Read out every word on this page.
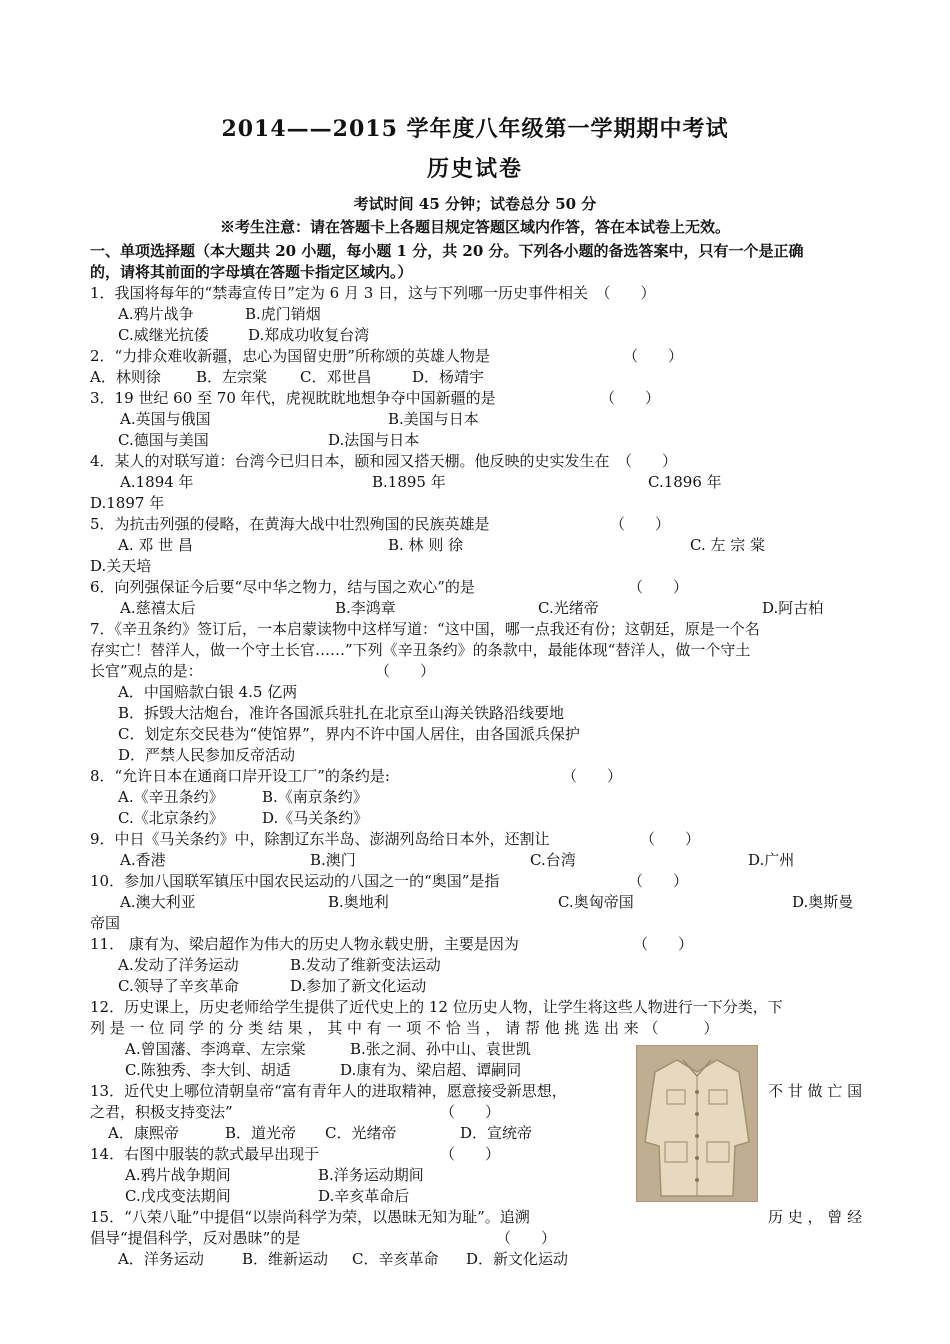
2014——2015 学年度八年级第一学期期中考试
历史试卷
考试时间 45 分钟；试卷总分 50 分
※考生注意：请在答题卡上各题目规定答题区域内作答，答在本试卷上无效。
一、单项选择题（本大题共 20 小题，每小题 1 分，共 20 分。下列各小题的备选答案中，只有一个是正确
的，请将其前面的字母填在答题卡指定区域内。）
1．我国将每年的“禁毒宣传日”定为 6 月 3 日，这与下列哪一历史事件相关　（　　）
A.鸦片战争	B.虎门销烟
C.威继光抗倭	D.郑成功收复台湾
2．“力排众难收新疆，忠心为国留史册”所称颂的英雄人物是	（　　）
A．林则徐 B．左宗棠 C．邓世昌	D．杨靖宇
3．19 世纪 60 至 70 年代，虎视眈眈地想争夺中国新疆的是	（　　）
A.英国与俄国	B.美国与日本
C.德国与美国	D.法国与日本
4．某人的对联写道：台湾今已归日本，颐和园又搭天棚。他反映的史实发生在　（　　）
A.1894 年	B.1895 年	C.1896 年
D.1897 年
5．为抗击列强的侵略，在黄海大战中壮烈殉国的民族英雄是	（　　）
A. 邓 世 昌	B. 林 则 徐	C. 左 宗 棠
D.关天培
6．向列强保证今后要“尽中华之物力，结与国之欢心”的是	（　　）
A.慈禧太后	B.李鸿章	C.光绪帝	D.阿古柏
7．《辛丑条约》签订后，一本启蒙读物中这样写道：“这中国，哪一点我还有份；这朝廷，原是一个名
存实亡！替洋人，做一个守土长官……”下列《辛丑条约》的条款中，最能体现“替洋人，做一个守土
长官”观点的是：	（　　）
A．中国赔款白银 4.5 亿两
B．拆毁大沽炮台，准许各国派兵驻扎在北京至山海关铁路沿线要地
C．划定东交民巷为“使馆界”，界内不许中国人居住，由各国派兵保护
D．严禁人民参加反帝活动
8．“允许日本在通商口岸开设工厂”的条约是:	（　　）
A.《辛丑条约》	B.《南京条约》
C.《北京条约》	D.《马关条约》
9．中日《马关条约》中，除割辽东半岛、澎湖列岛给日本外，还割让	（　　）
A.香港	B.澳门	C.台湾	D.广州
10．参加八国联军镇压中国农民运动的八国之一的“奥国”是指	（　　）
A.澳大利亚	B.奥地利	C.奥匈帝国	D.奥斯曼
帝国
11． 康有为、梁启超作为伟大的历史人物永载史册，主要是因为	（　　）
A.发动了洋务运动	B.发动了维新变法运动
C.领导了辛亥革命	D.参加了新文化运动
12．历史课上，历史老师给学生提供了近代史上的 12 位历史人物，让学生将这些人物进行一下分类，下
列 是 一 位 同 学 的 分 类 结 果 ， 其 中 有 一 项 不 恰 当 ， 请 帮 他 挑 选 出 来 （　　　）
A.曾国藩、李鸿章、左宗棠	B.张之洞、孙中山、袁世凯
C.陈独秀、李大钊、胡适	D.康有为、梁启超、谭嗣同
13．近代史上哪位清朝皇帝“富有青年人的进取精神，愿意接受新思想，	不 甘 做 亡 国
之君，积极支持变法”	（　　）
A．康熙帝	B．道光帝 C．光绪帝	D．宣统帝
14．右图中服装的款式最早出现于	（　　）
A.鸦片战争期间	B.洋务运动期间
C.戊戌变法期间	D.辛亥革命后
15．“八荣八耻”中提倡“以崇尚科学为荣，以愚昧无知为耻”。追溯	历 史 ， 曾 经
倡导“提倡科学，反对愚昧”的是	（　　）
A．洋务运动	B．维新运动 C．辛亥革命 D．新文化运动
